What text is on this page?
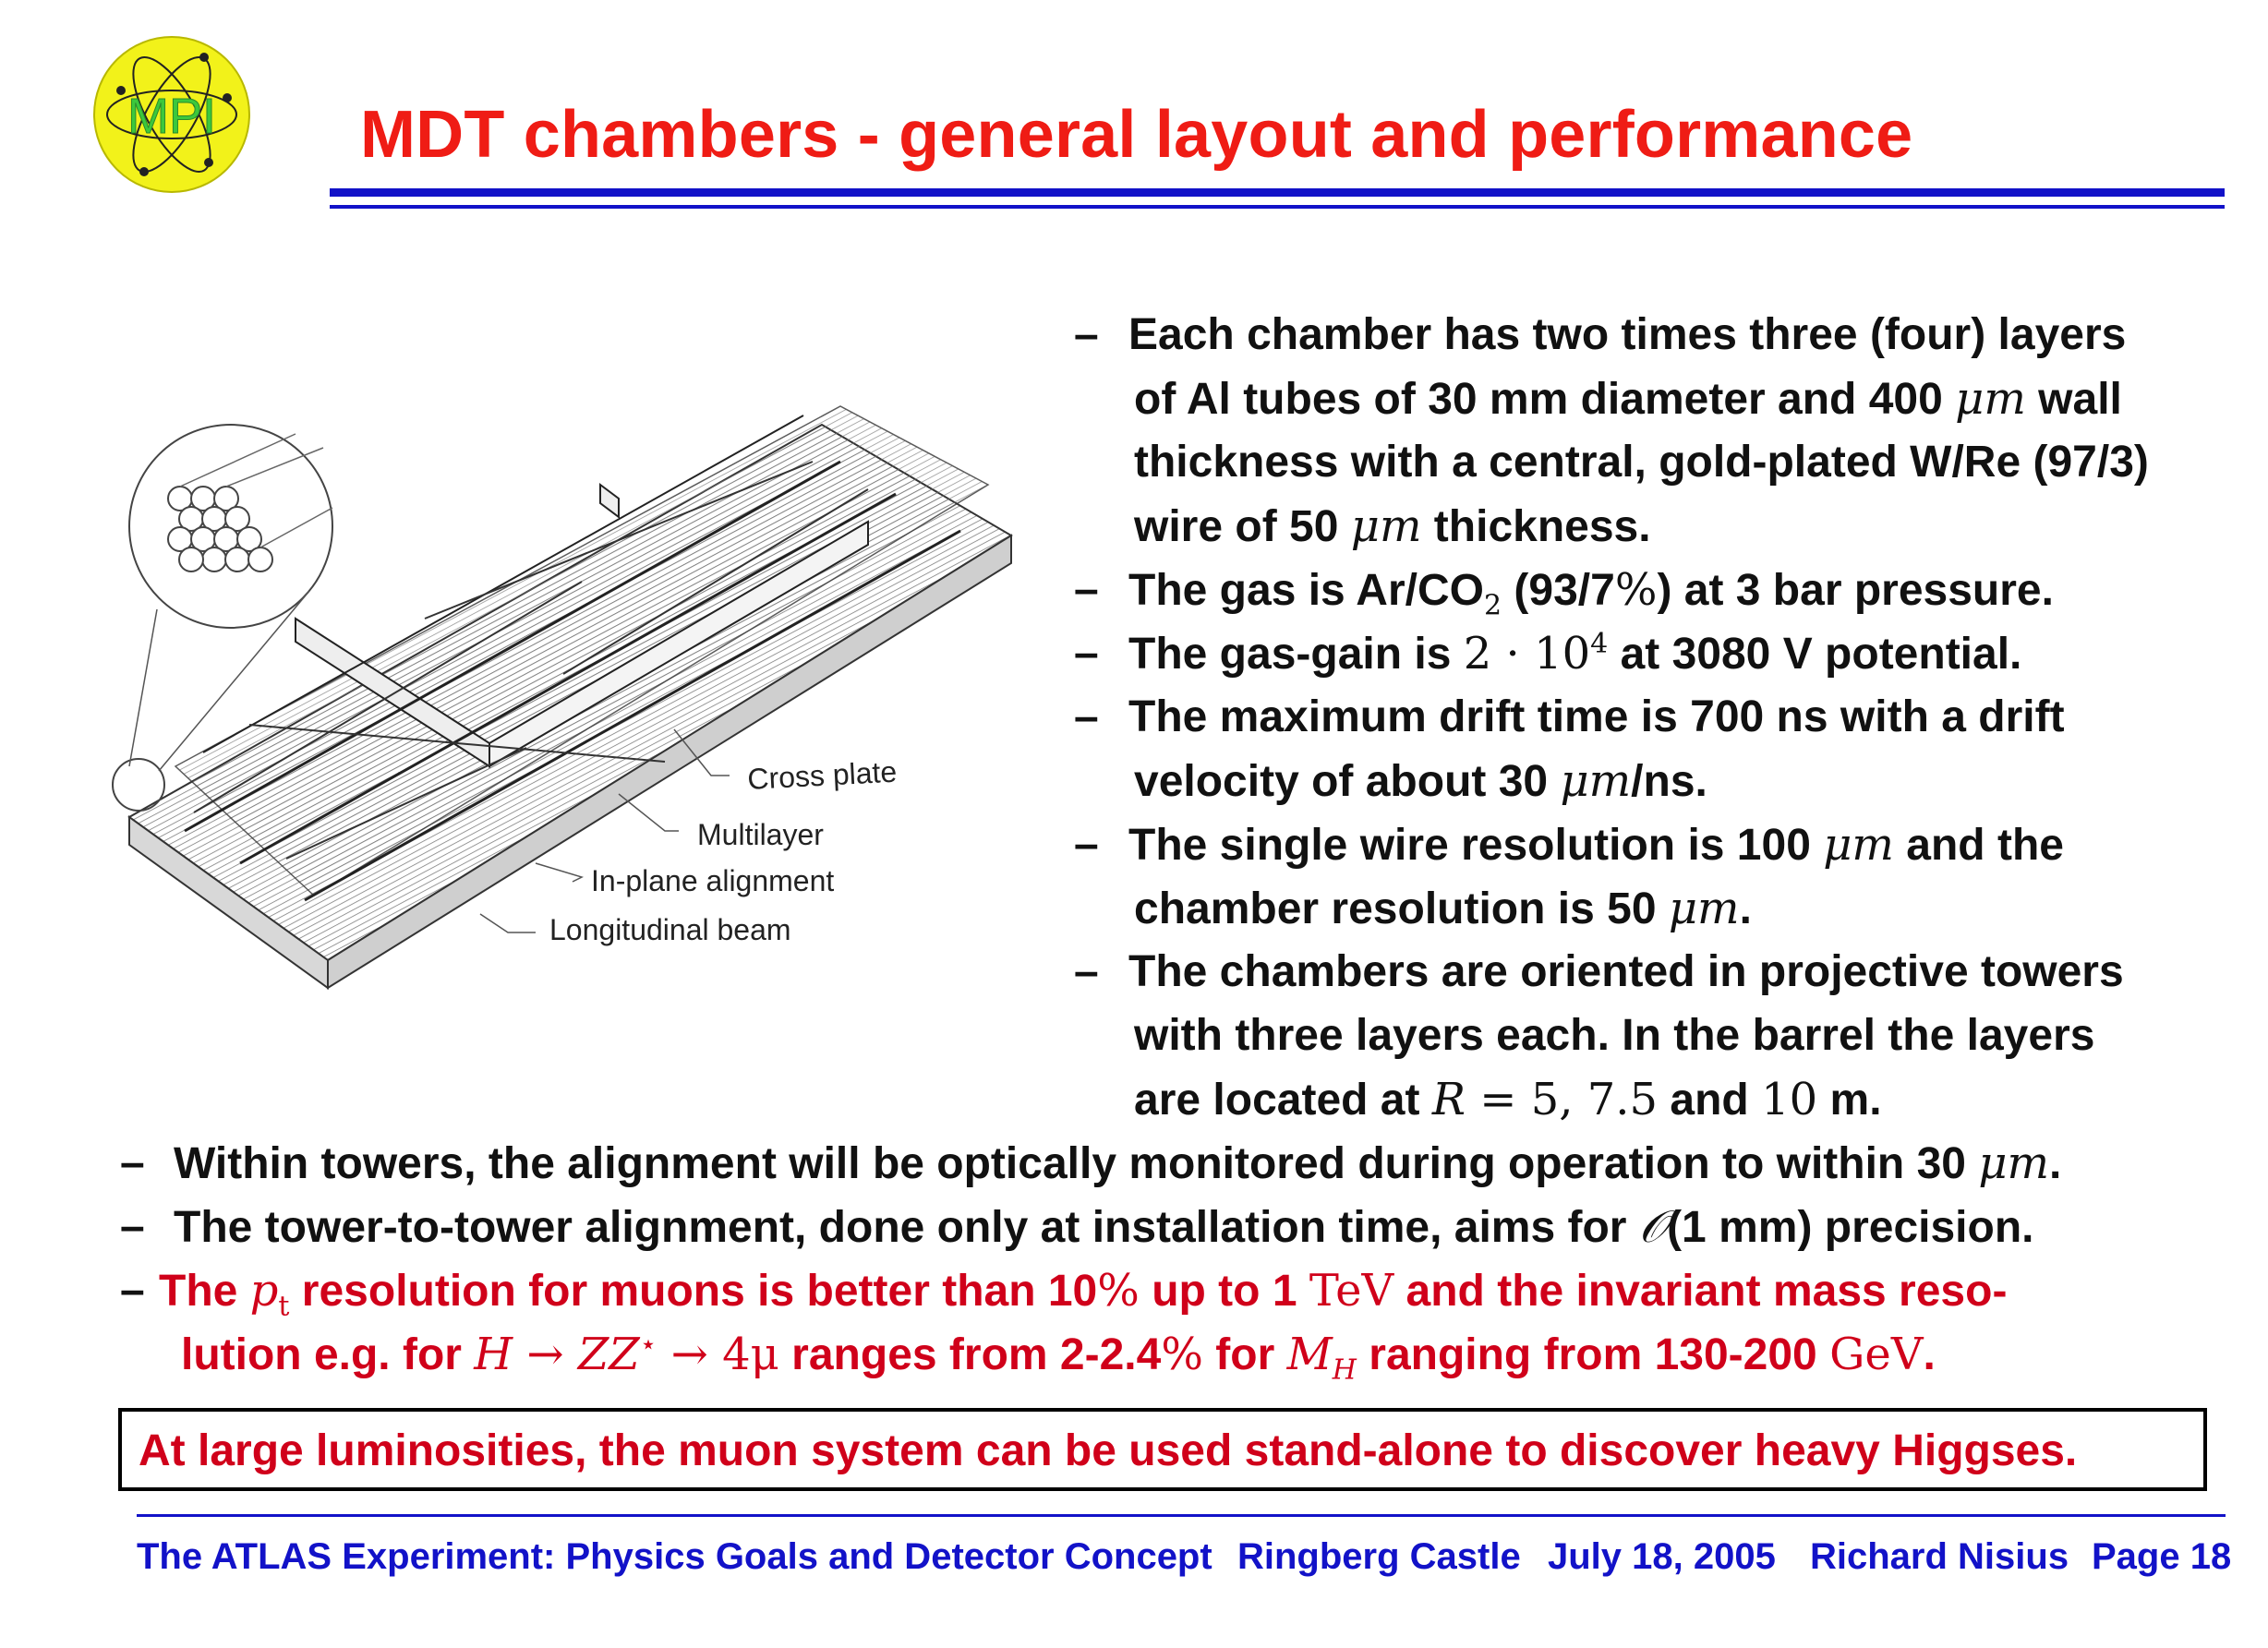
MPI MDT chambers - general layout and performance
Cross plate
Multilayer
In-plane alignment
Longitudinal beam
– Each chamber has two times three (four) layers
of Al tubes of 30 mm diameter and 400 μm wall
thickness with a central, gold-plated W/Re (97/3)
wire of 50 μm thickness.
– The gas is $Ar/CO_2$ (93/7%) at 3 bar pressure.
– The gas-gain is $2 \cdot 10^4$ at 3080 V potential.
– The maximum drift time is 700 ns with a drift
velocity of about 30 μm/ns.
– The single wire resolution is 100 μm and the
chamber resolution is 50 μm.
– The chambers are oriented in projective towers
with three layers each. In the barrel the layers
are located at R = 5, 7.5 and 10 m.
– Within towers, the alignment will be optically monitored during operation to within 30 μm.
– The tower-to-tower alignment, done only at installation time, aims for 𝒪(1 mm) precision.
– The $p_t$ resolution for muons is better than 10% up to 1 TeV and the invariant mass reso-
lution e.g. for H → ZZ⋆ → 4μ ranges from 2-2.4% for $M_H$ ranging from 130-200 GeV.
At large luminosities, the muon system can be used stand-alone to discover heavy Higgses.
The ATLAS Experiment: Physics Goals and Detector Concept Ringberg Castle July 18, 2005 Richard Nisius Page 18
